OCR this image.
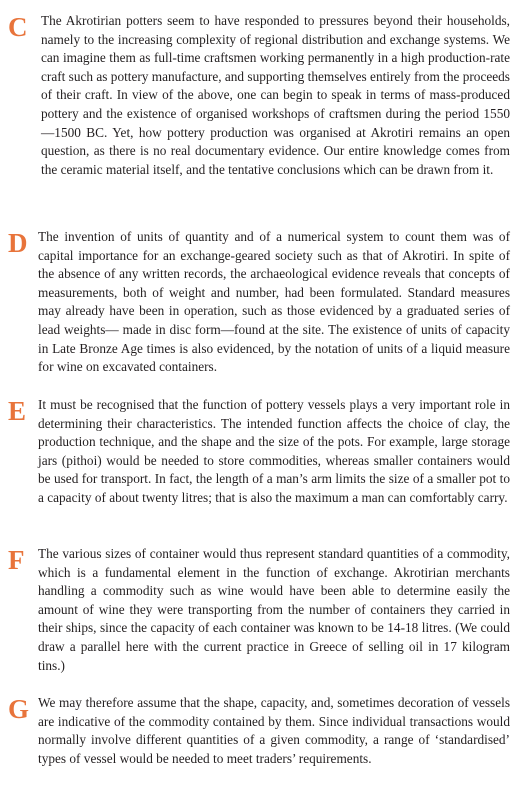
C	The Akrotirian potters seem to have responded to pressures beyond their households, namely to the increasing complexity of regional distribution and exchange systems. We can imagine them as full‐time craftsmen working permanently in a high production-rate craft such as pottery manufacture, and supporting themselves entirely from the proceeds of their craft. In view of the above, one can begin to speak in terms of mass-produced pottery and the existence of organised workshops of craftsmen during the period 1550—1500 BC. Yet, how pottery production was organised at Akrotiri remains an open question, as there is no real documentary evidence. Our entire knowledge comes from the ceramic material itself, and the tentative conclusions which can be drawn from it.

D The invention of units of quantity and of a numerical system to count them was of capital importance for an exchange-geared society such as that of Akrotiri. In spite of the absence of any written records, the archaeological evidence reveals that concepts of measurements, both of weight and number, had been formulated. Standard measures may already have been in operation, such as those evidenced by a graduated series of lead weights— made in disc form—found at the site. The existence of units of capacity in Late Bronze Age times is also evidenced, by the notation of units of a liquid measure for wine on excavated containers.

E It must be recognised that the function of pottery vessels plays a very important role in determining their characteristics. The intended function affects the choice of clay, the production technique, and the shape and the size of the pots. For example, large storage jars (pithoi) would be needed to store commodities, whereas smaller containers would be used for transport. In fact, the length of a man’s arm limits the size of a smaller pot to a capacity of about twenty litres; that is also the maximum a man can comfortably carry.

F	The various sizes of container would thus represent standard quantities of a commodity, which is a fundamental element in the function of exchange. Akrotirian merchants handling a commodity such as wine would have been able to determine easily the amount of wine they were transporting from the number of containers they carried in their ships, since the capacity of each container was known to be 14-18 litres. (We could draw a parallel here with the current practice in Greece of selling oil in 17 kilogram tins.)

G We may therefore assume that the shape, capacity, and, sometimes decoration of vessels are indicative of the commodity contained by them. Since individual transactions would normally involve different quantities of a given commodity, a range of ‘standardised’ types of vessel would be needed to meet traders’ requirements.
